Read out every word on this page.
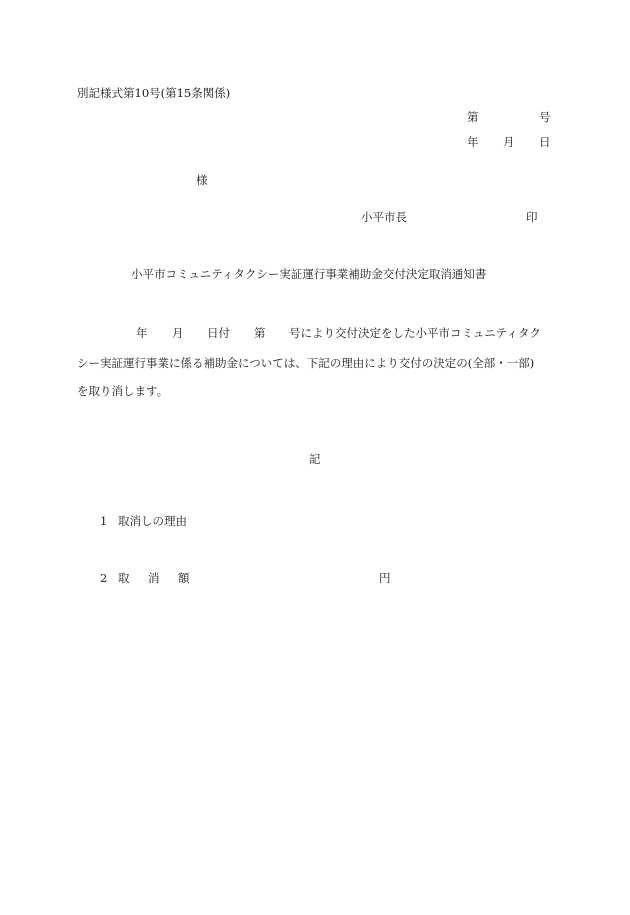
別記様式第10号(第15条関係)
第	号
年 月 日
様
小平市長	印
小平市コミュニティタクシー実証運行事業補助金交付決定取消通知書
年 月 日付 第 号により交付決定をした小平市コミュニティタク
シー実証運行事業に係る補助金については、下記の理由により交付の決定の(全部・一部)
を取り消します。
記
1 取消しの理由
2 取 消 額	円
